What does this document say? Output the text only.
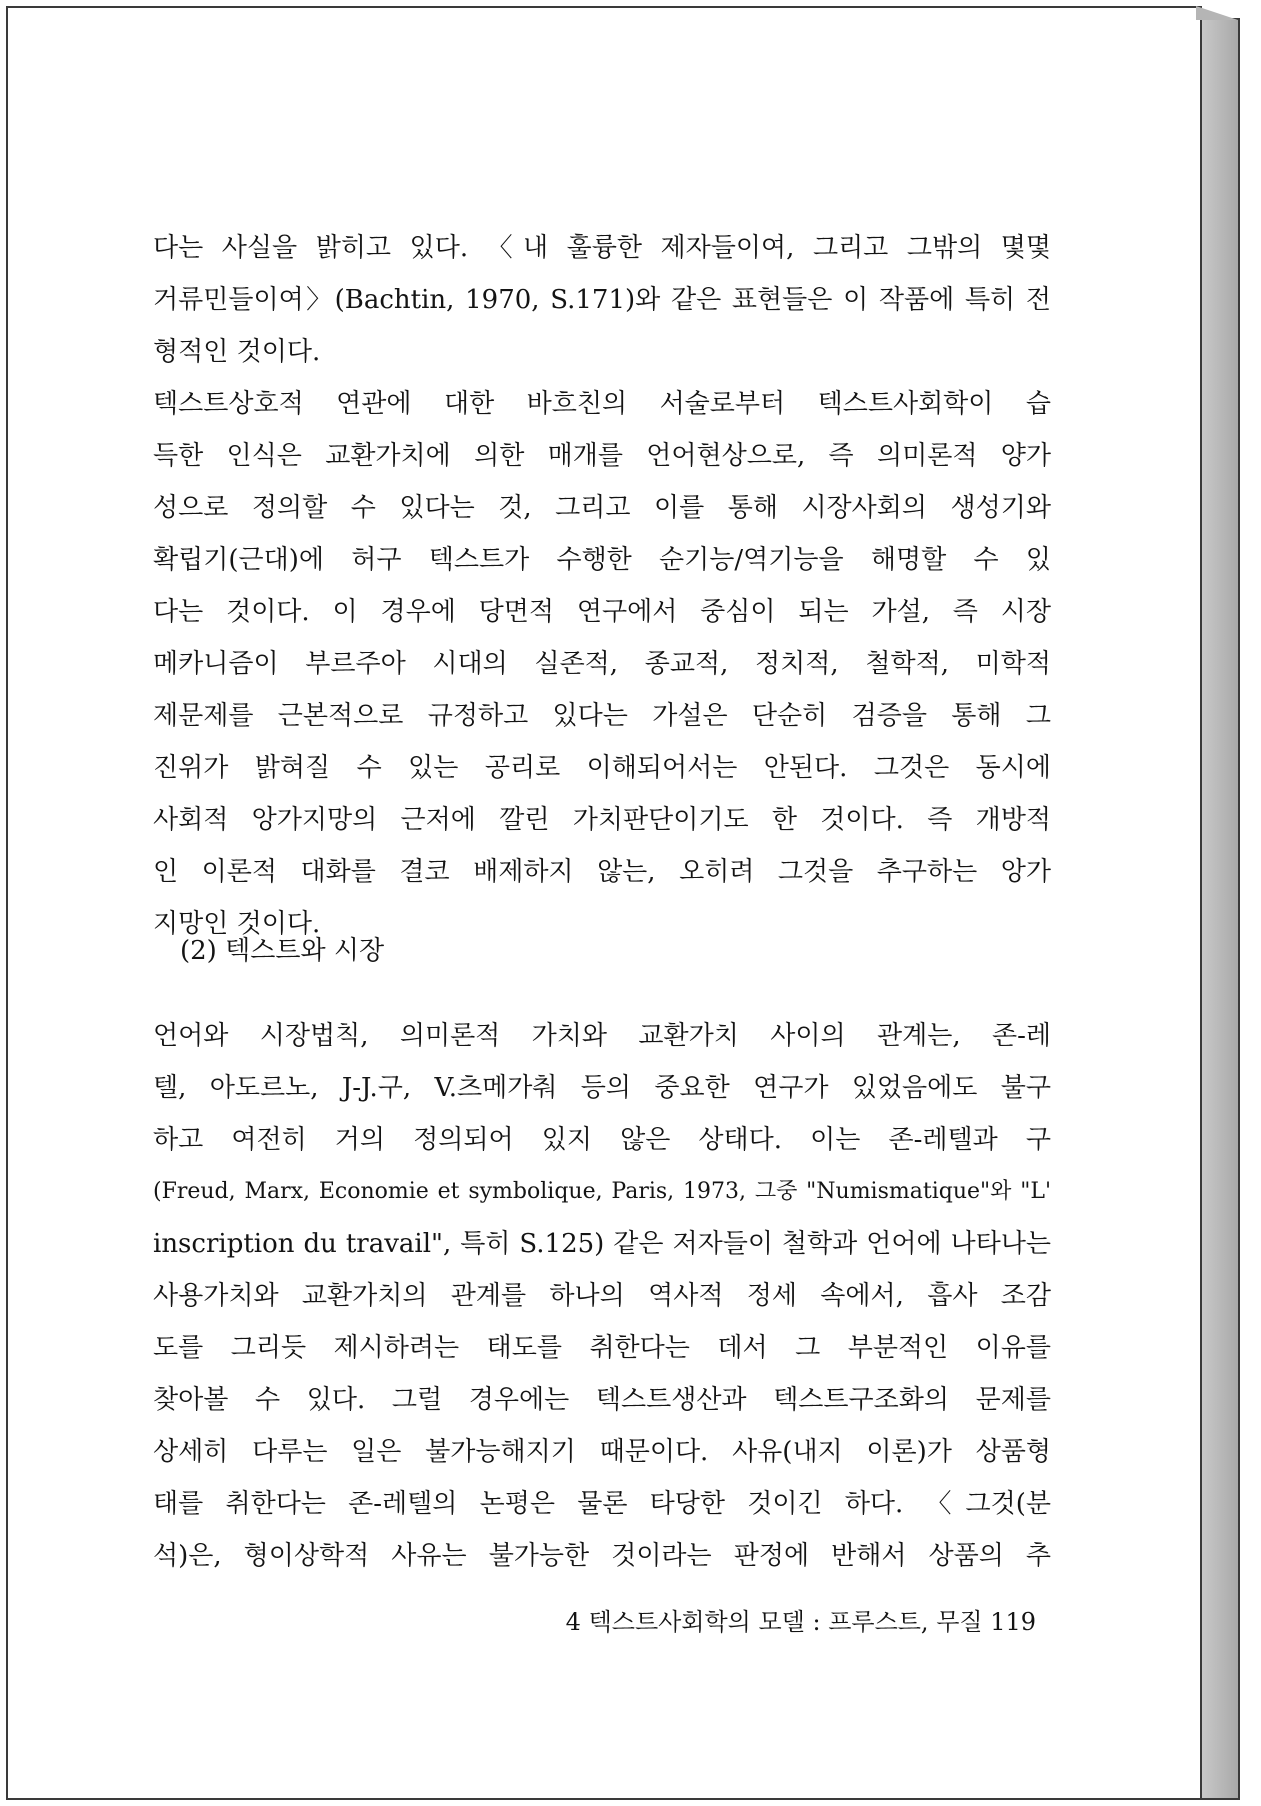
다는 사실을 밝히고 있다. 〈내 훌륭한 제자들이여, 그리고 그밖의 몇몇
거류민들이여〉(Bachtin, 1970, S.171)와 같은 표현들은 이 작품에 특히 전
형적인 것이다.
텍스트상호적 연관에 대한 바흐친의 서술로부터 텍스트사회학이 습
득한 인식은 교환가치에 의한 매개를 언어현상으로, 즉 의미론적 양가
성으로 정의할 수 있다는 것, 그리고 이를 통해 시장사회의 생성기와
확립기(근대)에 허구 텍스트가 수행한 순기능/역기능을 해명할 수 있
다는 것이다. 이 경우에 당면적 연구에서 중심이 되는 가설, 즉 시장
메카니즘이 부르주아 시대의 실존적, 종교적, 정치적, 철학적, 미학적
제문제를 근본적으로 규정하고 있다는 가설은 단순히 검증을 통해 그
진위가 밝혀질 수 있는 공리로 이해되어서는 안된다. 그것은 동시에
사회적 앙가지망의 근저에 깔린 가치판단이기도 한 것이다. 즉 개방적
인 이론적 대화를 결코 배제하지 않는, 오히려 그것을 추구하는 앙가
지망인 것이다.
(2) 텍스트와 시장
언어와 시장법칙, 의미론적 가치와 교환가치 사이의 관계는, 존-레
텔, 아도르노, J-J.구, V.츠메가춰 등의 중요한 연구가 있었음에도 불구
하고 여전히 거의 정의되어 있지 않은 상태다. 이는 존-레텔과 구
(Freud, Marx, Economie et symbolique, Paris, 1973, 그중 "Numismatique"와 "L'
inscription du travail", 특히 S.125) 같은 저자들이 철학과 언어에 나타나는
사용가치와 교환가치의 관계를 하나의 역사적 정세 속에서, 흡사 조감
도를 그리듯 제시하려는 태도를 취한다는 데서 그 부분적인 이유를
찾아볼 수 있다. 그럴 경우에는 텍스트생산과 텍스트구조화의 문제를
상세히 다루는 일은 불가능해지기 때문이다. 사유(내지 이론)가 상품형
태를 취한다는 존-레텔의 논평은 물론 타당한 것이긴 하다. 〈그것(분
석)은, 형이상학적 사유는 불가능한 것이라는 판정에 반해서 상품의 추
4 텍스트사회학의 모델 : 프루스트, 무질 119
